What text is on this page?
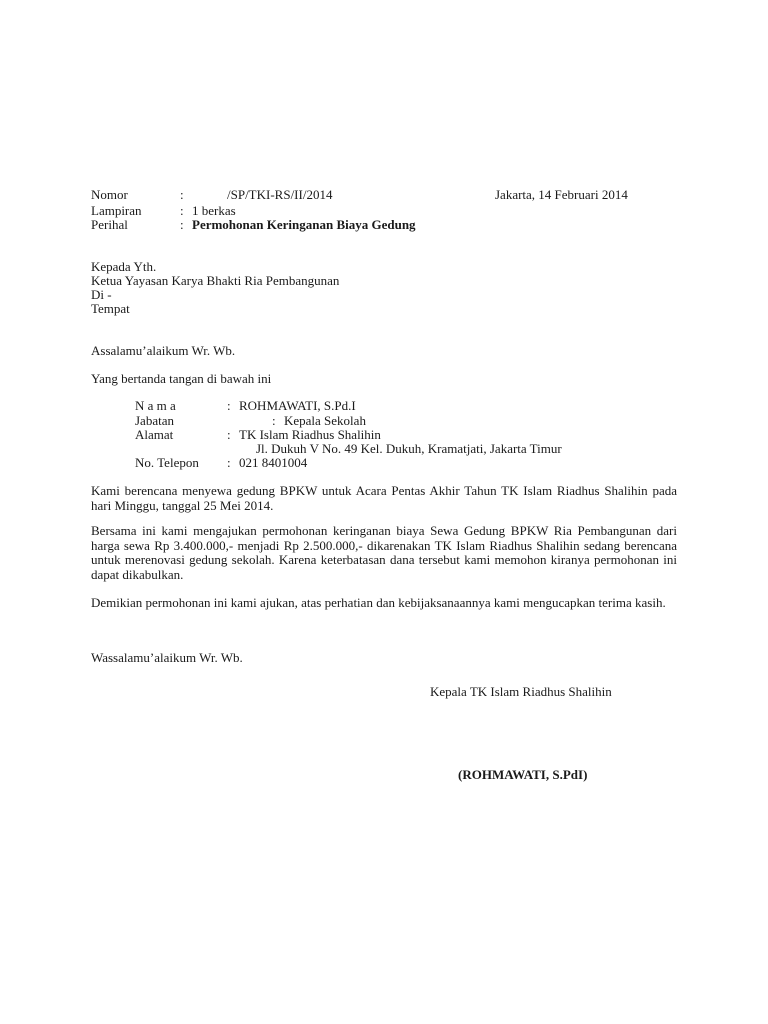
Nomor	:	/SP/TKI-RS/II/2014	Jakarta, 14 Februari 2014
Lampiran	: 1 berkas
Perihal	: Permohonan Keringanan Biaya Gedung
Kepada Yth.
Ketua Yayasan Karya Bhakti Ria Pembangunan
Di -
Tempat
Assalamu’alaikum Wr. Wb.
Yang bertanda tangan di bawah ini
N a m a	: ROHMAWATI, S.Pd.I
Jabatan	: Kepala Sekolah
Alamat	: TK Islam Riadhus Shalihin
Jl. Dukuh V No. 49 Kel. Dukuh, Kramatjati, Jakarta Timur
No. Telepon : 021 8401004
Kami berencana menyewa gedung BPKW untuk Acara Pentas Akhir Tahun TK Islam Riadhus Shalihin pada hari Minggu, tanggal 25 Mei 2014.
Bersama ini kami mengajukan permohonan keringanan biaya Sewa Gedung BPKW Ria Pembangunan dari harga sewa Rp 3.400.000,- menjadi Rp 2.500.000,- dikarenakan TK Islam Riadhus Shalihin sedang berencana untuk merenovasi gedung sekolah. Karena keterbatasan dana tersebut kami memohon kiranya permohonan ini dapat dikabulkan.
Demikian permohonan ini kami ajukan, atas perhatian dan kebijaksanaannya kami mengucapkan terima kasih.
Wassalamu’alaikum Wr. Wb.
Kepala TK Islam Riadhus Shalihin
(ROHMAWATI, S.PdI)
